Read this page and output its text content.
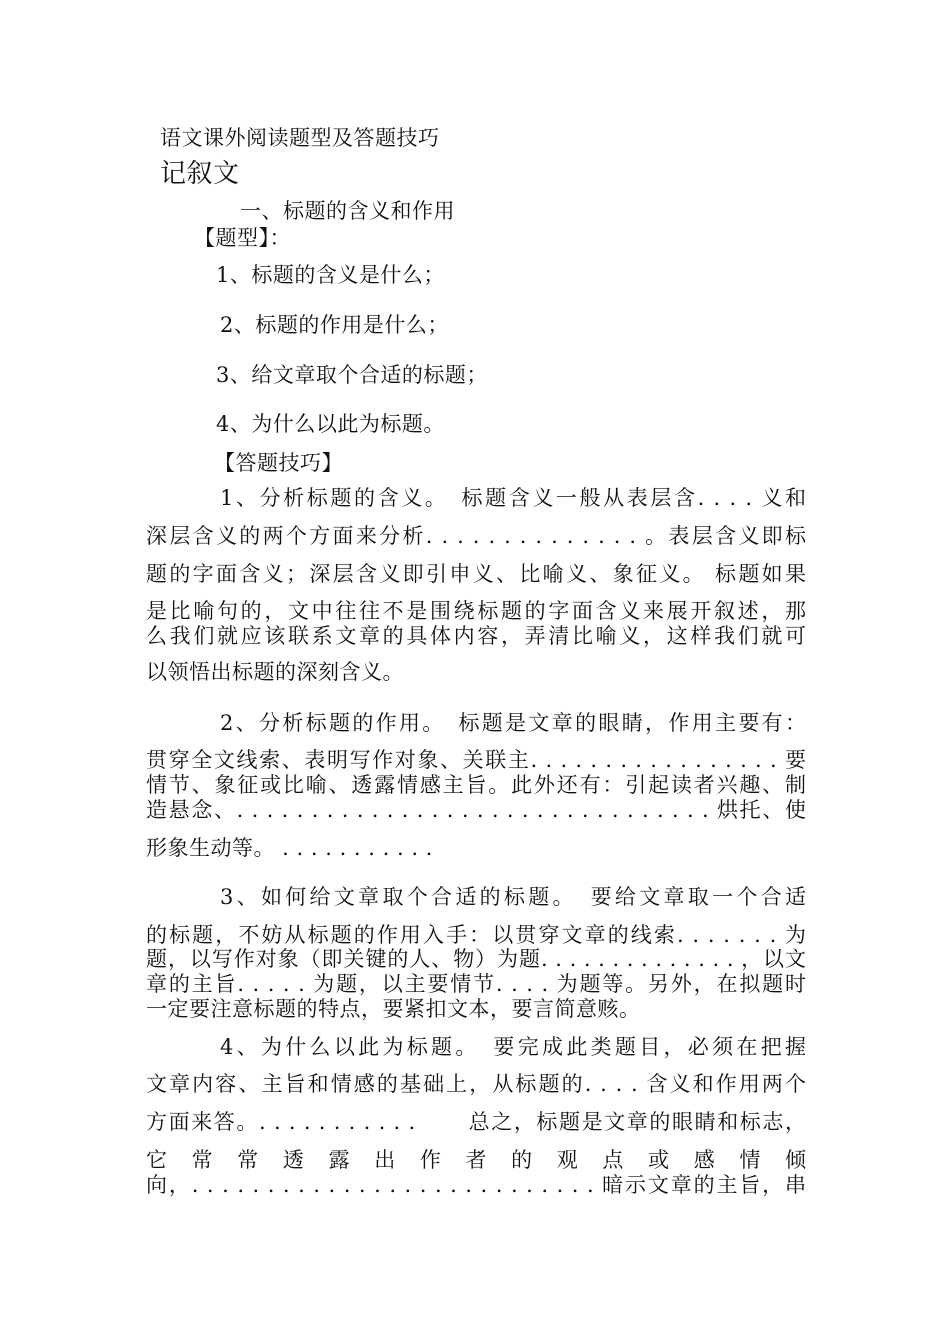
语文课外阅读题型及答题技巧
记叙文
一、标题的含义和作用
【题型】：
1、标题的含义是什么；
2、标题的作用是什么；
3、给文章取个合适的标题；
4、为什么以此为标题。
【答题技巧】
1、分析标题的含义。　标题含义一般从表层含. . . . 义和
深层含义的两个方面来分析. . . . . . . . . . . . . . 。表层含义即标
题的字面含义；深层含义即引申义、比喻义、象征义。 标题如果
是比喻句的，文中往往不是围绕标题的字面含义来展开叙述，那
么我们就应该联系文章的具体内容，弄清比喻义，这样我们就可
以领悟出标题的深刻含义。
2、分析标题的作用。　标题是文章的眼睛，作用主要有：
贯穿全文线索、表明写作对象、关联主. . . . . . . . . . . . . . . . . 要
情节、象征或比喻、透露情感主旨。此外还有：引起读者兴趣、制
造悬念、. . . . . . . . . . . . . . . . . . . . . . . . . . . . . . . . 烘托、使
形象生动等。 . . . . . . . . . . .
3、如何给文章取个合适的标题。　要给文章取一个合适
的标题，不妨从标题的作用入手：以贯穿文章的线索. . . . . . . 为
题，以写作对象（即关键的人、物）为题. . . . . . . . . . . . . . ，以文
章的主旨. . . . . 为题，以主要情节. . . . 为题等。另外，在拟题时
一定要注意标题的特点，要紧扣文本，要言简意赅。
4、为什么以此为标题。　要完成此类题目，必须在把握
文章内容、主旨和情感的基础上，从标题的. . . . 含义和作用两个
方面来答。. . . . . . . . . . . 　　总之，标题是文章的眼睛和标志，
它 常 常 透 露 出 作 者 的 观 点 或 感 情 倾
向，. . . . . . . . . . . . . . . . . . . . . . . . . . . 暗示文章的主旨，串
